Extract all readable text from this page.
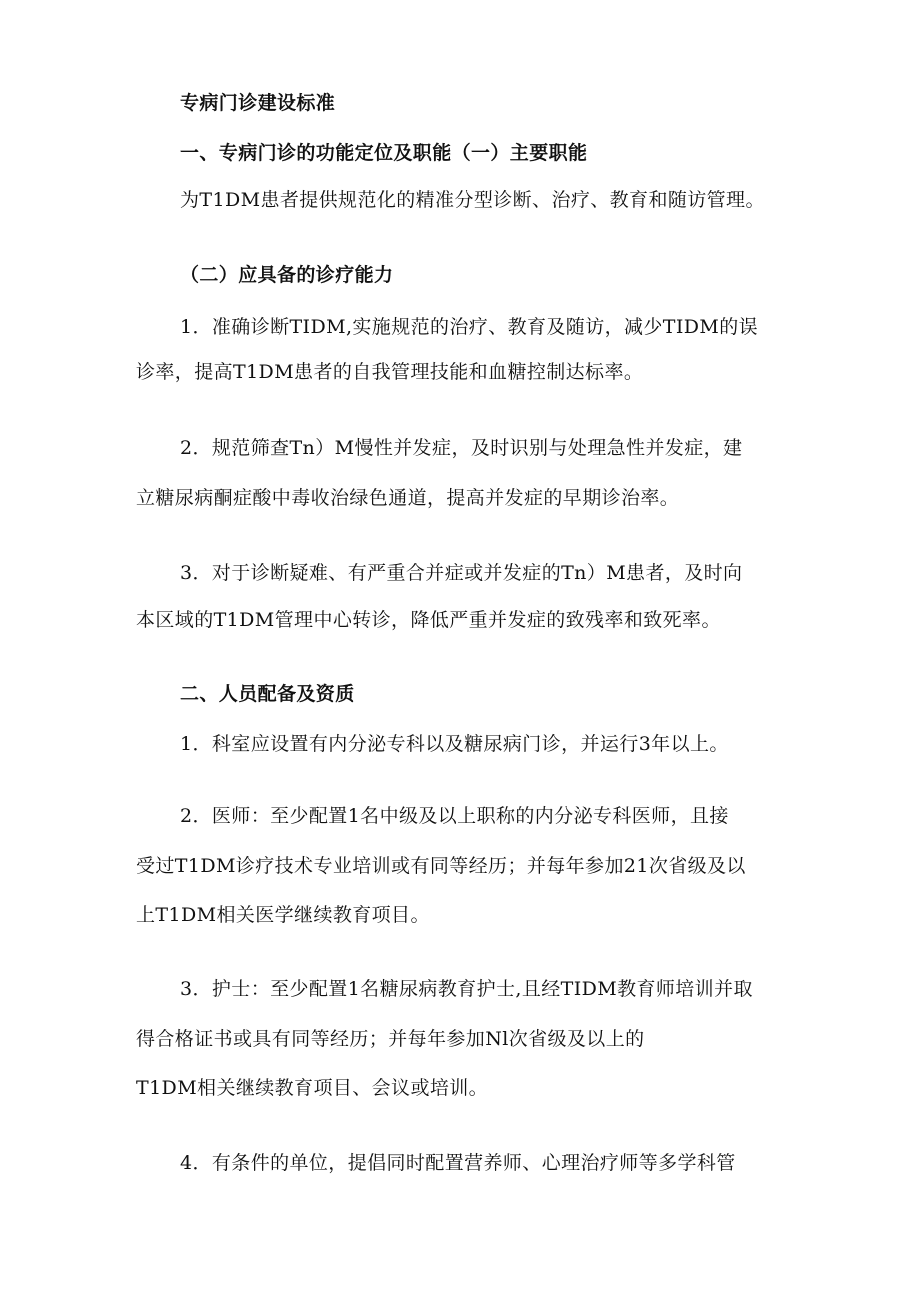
专病门诊建设标准
一、专病门诊的功能定位及职能（一）主要职能
为T1DM患者提供规范化的精准分型诊断、治疗、教育和随访管理。
（二）应具备的诊疗能力
1．准确诊断TIDM,实施规范的治疗、教育及随访，减少TIDM的误
诊率，提高T1DM患者的自我管理技能和血糖控制达标率。
2．规范筛查Tn）M慢性并发症，及时识别与处理急性并发症，建
立糖尿病酮症酸中毒收治绿色通道，提高并发症的早期诊治率。
3．对于诊断疑难、有严重合并症或并发症的Tn）M患者，及时向
本区域的T1DM管理中心转诊，降低严重并发症的致残率和致死率。
二、人员配备及资质
1．科室应设置有内分泌专科以及糖尿病门诊，并运行3年以上。
2．医师：至少配置1名中级及以上职称的内分泌专科医师，且接
受过T1DM诊疗技术专业培训或有同等经历；并每年参加21次省级及以
上T1DM相关医学继续教育项目。
3．护士：至少配置1名糖尿病教育护士,且经TIDM教育师培训并取
得合格证书或具有同等经历；并每年参加Nl次省级及以上的
T1DM相关继续教育项目、会议或培训。
4．有条件的单位，提倡同时配置营养师、心理治疗师等多学科管
